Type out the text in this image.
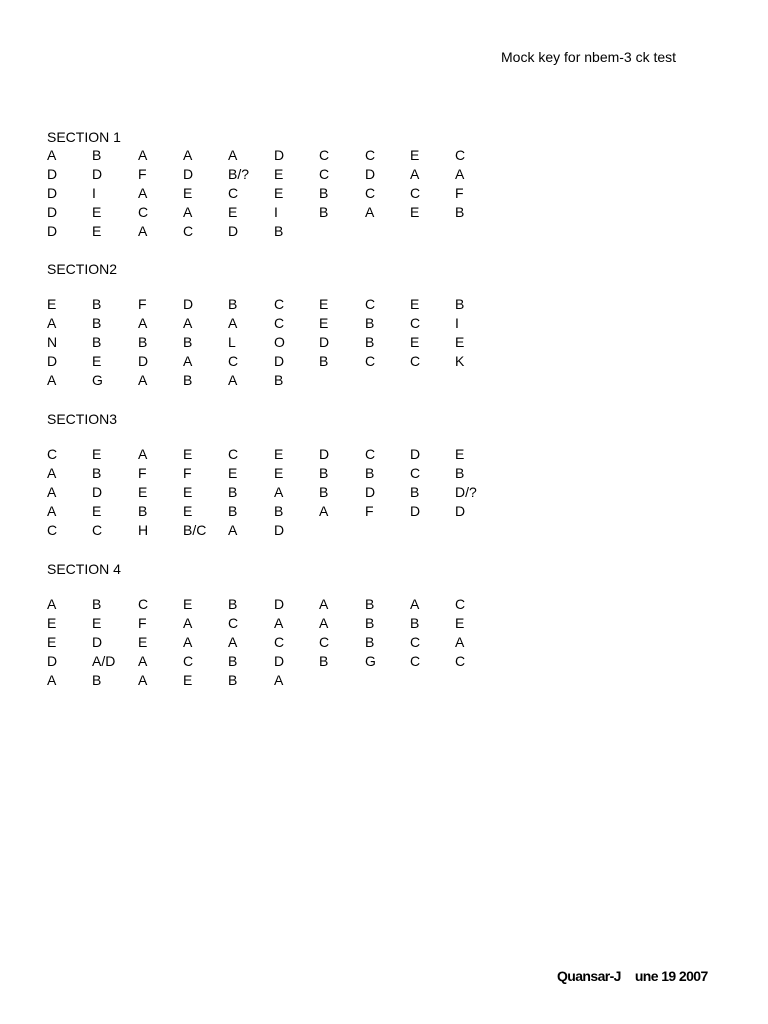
Mock key for nbem-3 ck test
SECTION 1
A	B	A	A	A	D C	C E	C
D D	F	D B/? E	C	D A	A
D I	A	E	C	E	B	C C F
D E	C A	E	I	B	A	E	B
D E	A	C D	B
SECTION2
E	B	F	D B	C E	C E	B
A	B	A	A	A	C E	B	C I
N B	B	B	L	O D	B	E	E
D E	D A	C	D B	C C K
A	G	A	B	A	B
SECTION3
C E	A	E	C	E	D	C D E
A	B	F	F	E	E	B	B	C B
A	D	E	E	B	A	B	D B	D/?
A	E	B	E	B	B	A	F	D D
C C	H B/C A	D
SECTION 4
A	B	C E	B	D A	B	A	C
E	E	F	A	C	A	A	B	B	E
E	D	E	A	A	C C	B	C A
D A/D A	C B	D B	G C C
A	B	A	E	B	A
Quansar-J une 19 2007
